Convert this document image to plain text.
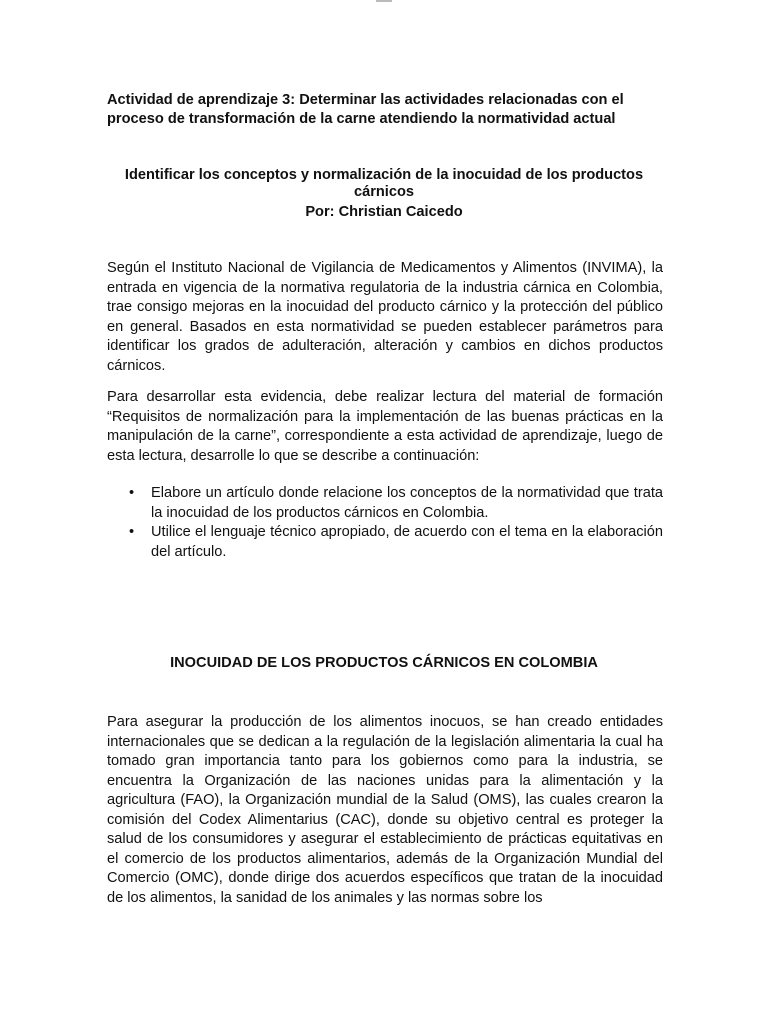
Actividad de aprendizaje 3: Determinar las actividades relacionadas con el proceso de transformación de la carne atendiendo la normatividad actual

Identificar los conceptos y normalización de la inocuidad de los productos cárnicos

Por: Christian Caicedo

Según el Instituto Nacional de Vigilancia de Medicamentos y Alimentos (INVIMA), la entrada en vigencia de la normativa regulatoria de la industria cárnica en Colombia, trae consigo mejoras en la inocuidad del producto cárnico y la protección del público en general. Basados en esta normatividad se pueden establecer parámetros para identificar los grados de adulteración, alteración y cambios en dichos productos cárnicos.

Para desarrollar esta evidencia, debe realizar lectura del material de formación “Requisitos de normalización para la implementación de las buenas prácticas en la manipulación de la carne”, correspondiente a esta actividad de aprendizaje, luego de esta lectura, desarrolle lo que se describe a continuación:

• Elabore un artículo donde relacione los conceptos de la normatividad que trata la inocuidad de los productos cárnicos en Colombia.
• Utilice el lenguaje técnico apropiado, de acuerdo con el tema en la elaboración del artículo.

INOCUIDAD DE LOS PRODUCTOS CÁRNICOS EN COLOMBIA

Para asegurar la producción de los alimentos inocuos, se han creado entidades internacionales que se dedican a la regulación de la legislación alimentaria la cual ha tomado gran importancia tanto para los gobiernos como para la industria, se encuentra la Organización de las naciones unidas para la alimentación y la agricultura (FAO), la Organización mundial de la Salud (OMS), las cuales crearon la comisión del Codex Alimentarius (CAC), donde su objetivo central es proteger la salud de los consumidores y asegurar el establecimiento de prácticas equitativas en el comercio de los productos alimentarios, además de la Organización Mundial del Comercio (OMC), donde dirige dos acuerdos específicos que tratan de la inocuidad de los alimentos, la sanidad de los animales y las normas sobre los
